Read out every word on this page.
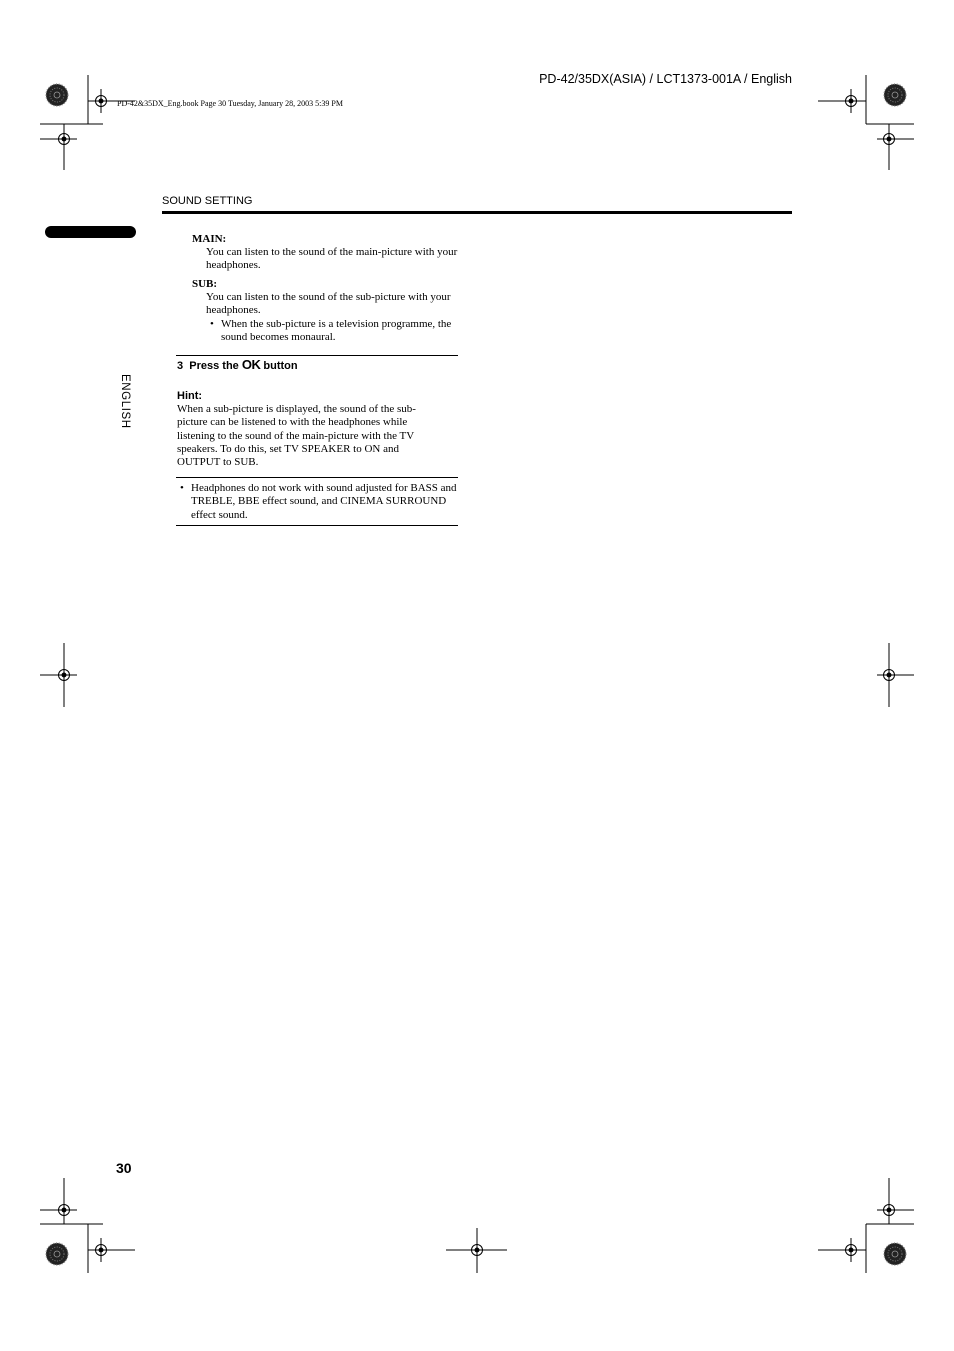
PD-42/35DX(ASIA) / LCT1373-001A / English
PD-42&35DX_Eng.book Page 30 Tuesday, January 28, 2003 5:39 PM
SOUND SETTING
ENGLISH
MAIN:
You can listen to the sound of the main-picture with your headphones.
SUB:
You can listen to the sound of the sub-picture with your headphones.
• When the sub-picture is a television programme, the sound becomes monaural.
3 Press the OK button
Hint:
When a sub-picture is displayed, the sound of the sub-picture can be listened to with the headphones while listening to the sound of the main-picture with the TV speakers. To do this, set TV SPEAKER to ON and OUTPUT to SUB.
• Headphones do not work with sound adjusted for BASS and TREBLE, BBE effect sound, and CINEMA SURROUND effect sound.
30
